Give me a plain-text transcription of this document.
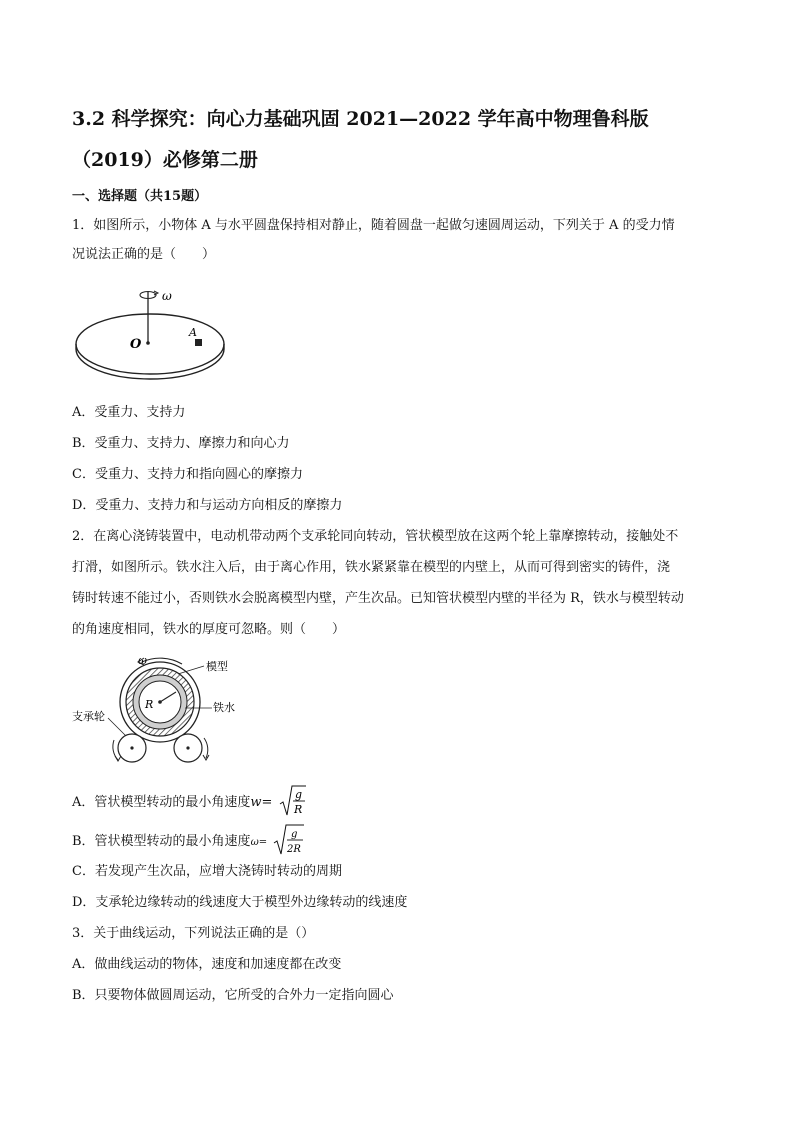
3.2 科学探究：向心力基础巩固 2021—2022 学年高中物理鲁科版
（2019）必修第二册
一、选择题（共15题）
1．如图所示，小物体 A 与水平圆盘保持相对静止，随着圆盘一起做匀速圆周运动，下列关于 A 的受力情
况说法正确的是（　　）
ω
O
A
A．受重力、支持力
B．受重力、支持力、摩擦力和向心力
C．受重力、支持力和指向圆心的摩擦力
D．受重力、支持力和与运动方向相反的摩擦力
2．在离心浇铸装置中，电动机带动两个支承轮同向转动，管状模型放在这两个轮上靠摩擦转动，接触处不
打滑，如图所示。铁水注入后，由于离心作用，铁水紧紧靠在模型的内壁上，从而可得到密实的铸件，浇
铸时转速不能过小，否则铁水会脱离模型内壁，产生次品。已知管状模型内壁的半径为 R，铁水与模型转动
的角速度相同，铁水的厚度可忽略。则（　　）
R
ω	模型
铁水
支承轮
A．管状模型转动的最小角速度w=
g
R
B．管状模型转动的最小角速度ω=
g
2R
C．若发现产生次品，应增大浇铸时转动的周期
D．支承轮边缘转动的线速度大于模型外边缘转动的线速度
3．关于曲线运动，下列说法正确的是（）
A．做曲线运动的物体，速度和加速度都在改变
B．只要物体做圆周运动，它所受的合外力一定指向圆心
